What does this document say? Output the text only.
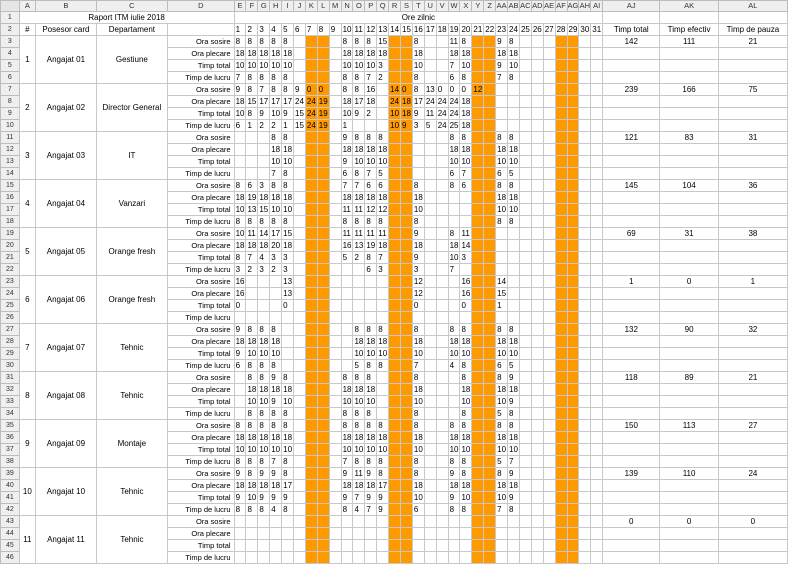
	A	B	C	D	E	F	G	H	I	J	K	L	M	N	O	P	Q	R	S	T	U	V	W	X	Y	Z	AA	AB	AC	AD	AE	AF	AG	AH	AI	AJ	AK	AL
1	Raport ITM iulie 2018				Ore zilnic																																	
2	#	Posesor card	Departament		1	2	3	4	5	6	7	8	9	10	11	12	13	14	15	16	17	18	19	20	21	22	23	24	25	26	27	28	29	30	31	Timp total	Timp efectiv	Timp de pauza
3	1	Angajat 01	Gestiune	Ora sosire	8	8	8	8	8					8	8	8	15			8			11	8			9	8								142	111	21
4				Ora plecare	18	18	18	18	18					18	18	18	18			18			18	18			18	18										
5				Timp total	10	10	10	10	10					10	10	10	3			10			7	10			9	10										
6				Timp de lucru	7	8	8	8	8					8	8	7	2			8			6	8			7	8										
7	2	Angajat 02	Director General	Ora sosire	9	8	7	8	8	9	0	0		8	8	16		14	0	8	13	0	0	0	12											239	166	75
8				Ora plecare	18	15	17	17	17	24	24	19		18	17	18		24	18	17	24	24	24	18														
9				Timp total	10	8	9	10	9	15	24	19		10	9	2		10	18	9	11	24	24	18														
10				Timp de lucru	6	1	2	2	1	15	24	19		1				10	9	3	5	24	25	18														
11	3	Angajat 03	IT	Ora sosire				8	8					9	8	8	8						8	8			8	8								121	83	31
12				Ora plecare				18	18					18	18	18	18						18	18			18	18										
13				Timp total				10	10					9	10	10	10						10	10			10	10										
14				Timp de lucru				7	8					6	8	7	5						6	7			6	5										
15	4	Angajat 04	Vanzari	Ora sosire	8	6	3	8	8					7	7	6	6			8			8	6			8	8								145	104	36
16				Ora plecare	18	19	18	18	18					18	18	18	18			18							18	18										
17				Timp total	10	13	15	10	10					11	11	12	12			10							10	10										
18				Timp de lucru	8	8	8	8	8					8	8	8	8			8							8	8										
19	5	Angajat 05	Orange fresh	Ora sosire	10	11	14	17	15					11	11	11	11			9			8	11												69	31	38
20				Ora plecare	18	18	18	20	18					16	13	19	18			18			18	14														
21				Timp total	8	7	4	3	3					5	2	8	7			9			10	3														
22				Timp de lucru	3	2	3	2	3							6	3			3			7															
23	6	Angajat 06	Orange fresh	Ora sosire	16				13											12				16			14									1	0	1
24				Ora plecare	16				13											12				16			15											
25				Timp total	0				0											0				0			1											
26				Timp de lucru																																		
27	7	Angajat 07	Tehnic	Ora sosire	9	8	8	8							8	8	8			8			8	8			8	8								132	90	32
28				Ora plecare	18	18	18	18							18	18	18			18			18	18			18	18										
29				Timp total	9	10	10	10							10	10	10			10			10	10			10	10										
30				Timp de lucru	6	8	8	8							5	8	8			7			4	8			6	5										
31	8	Angajat 08	Tehnic	Ora sosire		8	8	9	8					8	8	8				8				8			8	9								118	89	21
32				Ora plecare		18	18	18	18					18	18	18				18				18			18	18										
33				Timp total		10	10	9	10					10	10	10				10				10			10	9										
34				Timp de lucru		8	8	8	8					8	8	8				8				8			5	8										
35	9	Angajat 09	Montaje	Ora sosire	8	8	8	8	8					8	8	8	8			8			8	8			8	8								150	113	27
36				Ora plecare	18	18	18	18	18					18	18	18	18			18			18	18			18	18										
37				Timp total	10	10	10	10	10					10	10	10	10			10			10	10			10	10										
38				Timp de lucru	8	8	8	7	8					7	8	8	8			8			8	8			5	7										
39	10	Angajat 10	Tehnic	Ora sosire	9	8	9	9	8					9	11	9	8			8			9	8			8	9								139	110	24
40				Ora plecare	18	18	18	18	17					18	18	18	17			18			18	18			18	18										
41				Timp total	9	10	9	9	9					9	7	9	9			10			9	10			10	9										
42				Timp de lucru	8	8	8	4	8					8	4	7	9			6			8	8			7	8										
43	11	Angajat 11	Tehnic	Ora sosire																																0	0	0
44				Ora plecare																																		
45				Timp total																																		
46				Timp de lucru																																		
